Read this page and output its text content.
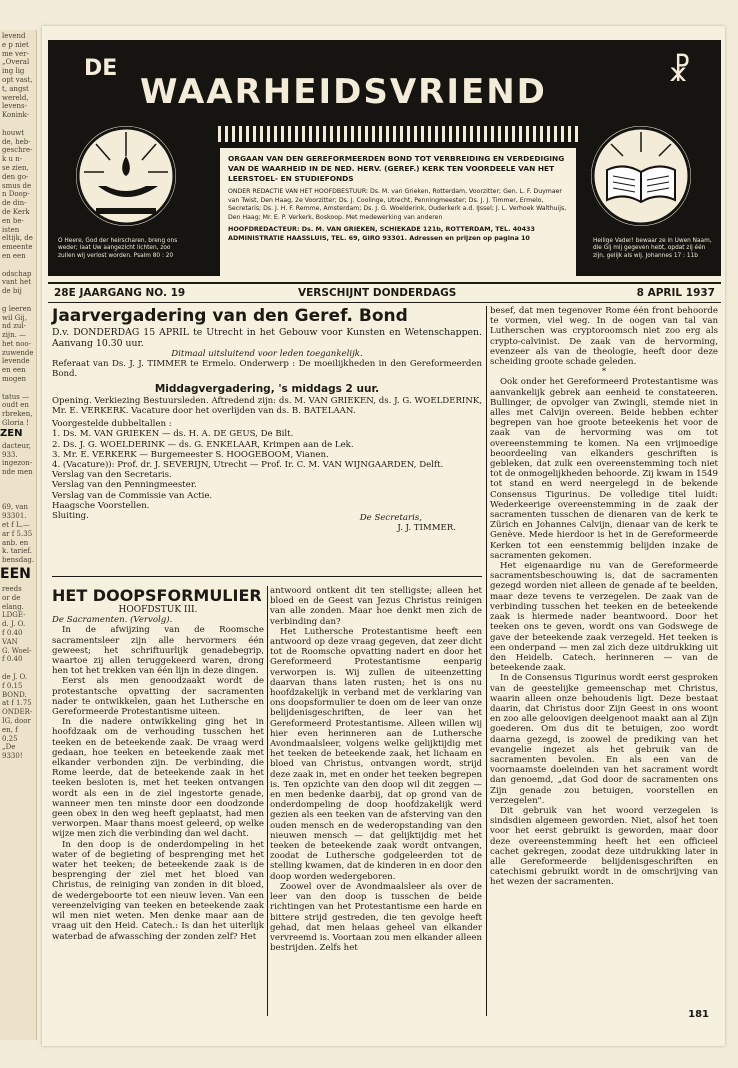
levend
e p niet
me ver-
„Overal
ing lig
opt vast,
t, angst
wereld,
levens-
Konink-

houwt
de, heb-
geschre-
k u n-
se zien,
den go-
smus de
n Doop-
de din-
de Kerk
en be-
isten
eltijk, de
emeente
en een

odschap
vant het
de bij

g leeren
wil Gij,
nd zul-
zijn. —
het noo-
zuwende
levende
en een
mogen

tatus —
oudt en
rbreken,
Gloria !
ZEN
dacteur,
933.
ingezon-
nde men

69, van
93301.
et f L.—
ar f 5.35
anb. en
k. tarief.
bensdag.
EEN
reeds
or de
elang.
LDGE-
d. J. O.
f 0.40
VAN
G. Woel-
f 0.40

de J. O.
f 0.15
BOND.
at f 1.75
ONDER-
IG, door
en, f 0.25
„De
9330!
DE
WAARHEIDSVRIEND
☧
ORGAAN VAN DEN GEREFORMEERDEN BOND TOT VERBREIDING EN VERDEDIGING VAN DE WAARHEID IN DE NED. HERV. (GEREF.) KERK TEN VOORDEELE VAN HET LEERSTOEL- EN STUDIEFONDS
ONDER REDACTIE VAN HET HOOFDBESTUUR: Ds. M. van Grieken, Rotterdam, Voorzitter; Gen. L. F. Duymaer van Twist, Den Haag, 2e Voorzitter; Ds. J. Coolinge, Utrecht, Penningmeester; Ds. J. J. Timmer, Ermelo, Secretaris; Ds. J. H. F. Remme, Amsterdam; Ds. J. G. Woelderink, Ouderkerk a.d. IJssel; J. L. Verhoek Walthuijs, Den Haag; Mr. E. P. Verkerk, Boskoop. Met medewerking van anderen
HOOFDREDACTEUR: Ds. M. VAN GRIEKEN, SCHIEKADE 121b, ROTTERDAM, TEL. 40433
ADMINISTRATIE HAASSLUIS, TEL. 69, GIRO 93301. Adressen en prijzen op pagina 10
O Heere, God der heirscharen, breng ons weder; laat Uw aangezicht lichten, zoo zullen wij verlost worden. Psalm 80 : 20
Heilige Vader! bewaar ze in Uwen Naam, die Gij mij gegeven hebt, opdat zij één zijn, gelijk als wij. Johannes 17 : 11b
28E JAARGANG NO. 19	VERSCHIJNT DONDERDAGS	8 APRIL 1937
Jaarvergadering van den Geref. Bond

D.v. DONDERDAG 15 APRIL te Utrecht in het Gebouw voor Kunsten en Wetenschappen. Aanvang 10.30 uur.

Ditmaal uitsluitend voor leden toegankelijk.

Referaat van Ds. J. J. TIMMER te Ermelo. Onderwerp : De moeilijkheden in den Gereformeerden Bond.

Middagvergadering, 's middags 2 uur.

Opening. Verkiezing Bestuursleden. Aftredend zijn: ds. M. VAN GRIEKEN, ds. J. G. WOELDERINK, Mr. E. VERKERK. Vacature door het overlijden van ds. B. BATELAAN.

Voorgestelde dubbeltallen :

1. Ds. M. VAN GRIEKEN — ds. H. A. DE GEUS, De Bilt.

2. Ds. J. G. WOELDERINK — ds. G. ENKELAAR, Krimpen aan de Lek.

3. Mr. E. VERKERK — Burgemeester S. HOOGEBOOM, Vianen.

4. (Vacature)): Prof. dr. J. SEVERIJN, Utrecht — Prof. Ir. C. M. VAN WIJNGAARDEN, Delft.

Verslag van den Secretaris.

Verslag van den Penningmeester.

Verslag van de Commissie van Actie.

Haagsche Voorstellen.

Sluiting.	De Secretaris,

J. J. TIMMER.

HET DOOPSFORMULIER

HOOFDSTUK III.

De Sacramenten. (Vervolg).

In de afwijzing van de Roomsche sacramentsleer zijn alle hervormers één geweest; het schriftuurlijk genadebegrip, waartoe zij allen teruggekeerd waren, drong hen tot het trekken van één lijn in deze dingen.

Eerst als men genoodzaakt wordt de protestantsche opvatting der sacramenten nader te ontwikkelen, gaan het Luthersche en Gereformeerde Protestantisme uiteen.

In die nadere ontwikkeling ging het in hoofdzaak om de verhouding tusschen het teeken en de beteekende zaak. De vraag werd gedaan, hoe teeken en beteekende zaak met elkander verbonden zijn. De verbinding, die Rome leerde, dat de beteekende zaak in het teeken besloten is, met het teeken ontvangen wordt als een in de ziel ingestorte genade, wanneer men ten minste door een doodzonde geen obex in den weg heeft geplaatst, had men verworpen. Maar thans moest geleerd, op welke wijze men zich die verbinding dan wel dacht.

In den doop is de onderdompeling in het water of de begieting of besprenging met het water het teeken; de beteekende zaak is de besprenging der ziel met het bloed van Christus, de reiniging van zonden in dit bloed, de wedergeboorte tot een nieuw leven. Van een vereenzelviging van teeken en beteekende zaak wil men niet weten. Men denke maar aan de vraag uit den Heid. Catech.: Is dan het uiterlijk waterbad de afwassching der zonden zelf? Het

antwoord ontkent dit ten stelligste; alleen het bloed en de Geest van Jezus Christus reinigen van alle zonden. Maar hoe denkt men zich de verbinding dan?

Het Luthersche Protestantisme heeft een antwoord op deze vraag gegeven, dat zeer dicht tot de Roomsche opvatting nadert en door het Gereformeerd Protestantisme eenparig verworpen is. Wij zullen de uiteenzetting daarvan thans laten rusten; het is ons nu hoofdzakelijk in verband met de verklaring van ons doopsformulier te doen om de leer van onze belijdenisgeschriften, de leer van het Gereformeerd Protestantisme. Alleen willen wij hier even herinneren aan de Luthersche Avondmaalsleer, volgens welke gelijktijdig met het teeken de beteekende zaak, het lichaam en bloed van Christus, ontvangen wordt, strijd deze zaak in, met en onder het teeken begrepen is. Ten opzichte van den doop wil dit zeggen — en men bedenke daarbij, dat op grond van de onderdompeling de doop hoofdzakelijk werd gezien als een teeken van de afsterving van den ouden mensch en de wederopstanding van den nieuwen mensch — dat gelijktijdig met het teeken de beteekende zaak wordt ontvangen, zoodat de Luthersche godgeleerden tot de stelling kwamen, dat de kinderen in en door den doop worden wedergeboren.

Zoowel over de Avondmaalsleer als over de leer van den doop is tusschen de beide richtingen van het Protestantisme een harde en bittere strijd gestreden, die ten gevolge heeft gehad, dat men helaas geheel van elkander vervreemd is. Voortaan zou men elkander alleen bestrijden. Zelfs het

besef, dat men tegenover Rome één front behoorde te vormen, viel weg. In de oogen van tal van Lutherschen was cryptoroomsch niet zoo erg als crypto-calvinist. De zaak van de hervorming, evenzeer als van de theologie, heeft door deze scheiding groote schade geleden.

*

Ook onder het Gereformeerd Protestantisme was aanvankelijk gebrek aan eenheid te constateeren. Bullinger, de opvolger van Zwingli, stemde niet in alles met Calvijn overeen. Beide hebben echter begrepen van hoe groote beteekenis het voor de zaak van de hervorming was om tot overeenstemming te komen. Na een vrijmoedige beoordeeling van elkanders geschriften is gebleken, dat zulk een overeenstemming toch niet tot de onmogelijkheden behoorde. Zij kwam in 1549 tot stand en werd neergelegd in de bekende Consensus Tigurinus. De volledige titel luidt: Wederkeerige overeenstemming in de zaak der sacramenten tusschen de dienaren van de kerk te Zürich en Johannes Calvijn, dienaar van de kerk te Genève. Mede hierdoor is het in de Gereformeerde Kerken tot een eenstemmig belijden inzake de sacramenten gekomen.

Het eigenaardige nu van de Gereformeerde sacramentsbeschouwing is, dat de sacramenten gezegd worden niet alleen de genade af te beelden, maar deze tevens te verzegelen. De zaak van de verbinding tusschen het teeken en de beteekende zaak is hiermede nader beantwoord. Door het teeken ons te geven, wordt ons van Godswege de gave der beteekende zaak verzegeld. Het teeken is een onderpand — men zal zich deze uitdrukking uit den Heidelb. Catech. herinneren — van de beteekende zaak.

In de Consensus Tigurinus wordt eerst gesproken van de geestelijke gemeenschap met Christus, waarin alleen onze behoudenis ligt. Deze bestaat daarin, dat Christus door Zijn Geest in ons woont en zoo alle geloovigen deelgenoot maakt aan al Zijn goederen. Om dus dit te betuigen, zoo wordt daarna gezegd, is zoowel de prediking van het evangelie ingezet als het gebruik van de sacramenten bevolen. En als een van de voornaamste doeleinden van het sacrament wordt dan genoemd, „dat God door de sacramenten ons Zijn genade zou betuigen, voorstellen en verzegelen".

Dit gebruik van het woord verzegelen is sindsdien algemeen geworden. Niet, alsof het toen voor het eerst gebruikt is geworden, maar door deze overeenstemming heeft het een officieel cachet gekregen, zoodat deze uitdrukking later in alle Gereformeerde belijdenisgeschriften en catechismi gebruikt wordt in de omschrijving van het wezen der sacramenten.

181
